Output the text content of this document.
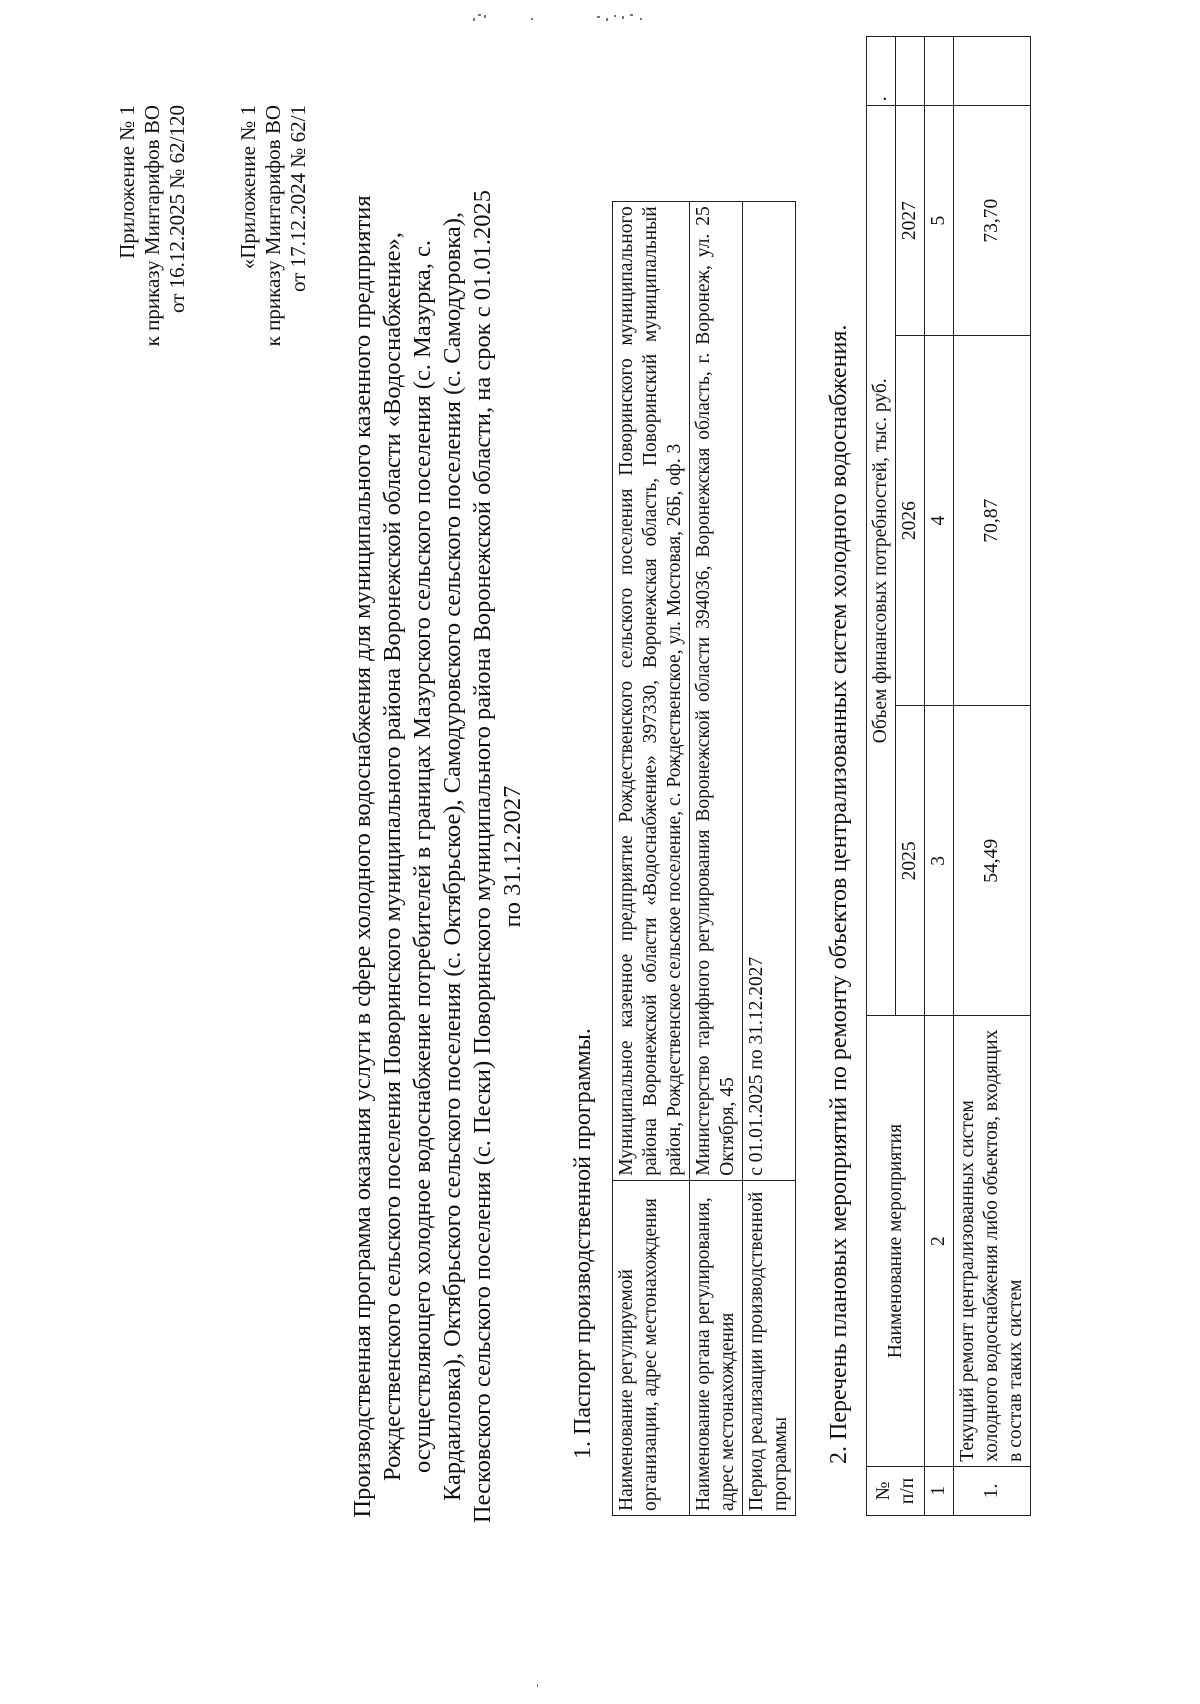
Приложение № 1 к приказу Минтарифов ВО от 16.12.2025 № 62/120 «Приложение № 1 к приказу Минтарифов ВО от 17.12.2024 № 62/1 Производственная программа оказания услуги в сфере холодного водоснабжения для муниципального казенного предприятия Рождественского сельского поселения Поворинского муниципального района Воронежской области «Водоснабжение», осуществляющего холодное водоснабжение потребителей в границах Мазурского сельского поселения (с. Мазурка, с. Кардаиловка), Октябрьского сельского поселения (с. Октябрьское), Самодуровского сельского поселения (с. Самодуровка), Песковского сельского поселения (с. Пески) Поворинского муниципального района Воронежской области, на срок с 01.01.2025 по 31.12.2027
1. Паспорт производственной программы. Наименование регулируемой организации, адрес местонахождения	Муниципальное казенное предприятие Рождественского сельского поселения Поворинского муниципального района Воронежской области «Водоснабжение» 397330, Воронежская область, Поворинский муниципальный район, Рождественское сельское поселение, с. Рождественское, ул. Мостовая, 26Б, оф. 3	
Наименование органа регулирования, адрес местонахождения	Министерство тарифного регулирования Воронежской области 394036, Воронежская область, г. Воронеж, ул. 25 Октября, 45	
Период реализации производственной программы	с 01.01.2025 по 31.12.2027	2. Перечень плановых мероприятий по ремонту объектов централизованных систем холодного водоснабжения.
№
п/п	Наименование мероприятия	Объем финансовых потребностей, тыс. руб.			.
		2025	2026	2027	
1	2	3	4	5	
1.	Текущий ремонт централизованных систем холодного водоснабжения либо объектов, входящих в состав таких систем	54,49	70,87	73,70	
